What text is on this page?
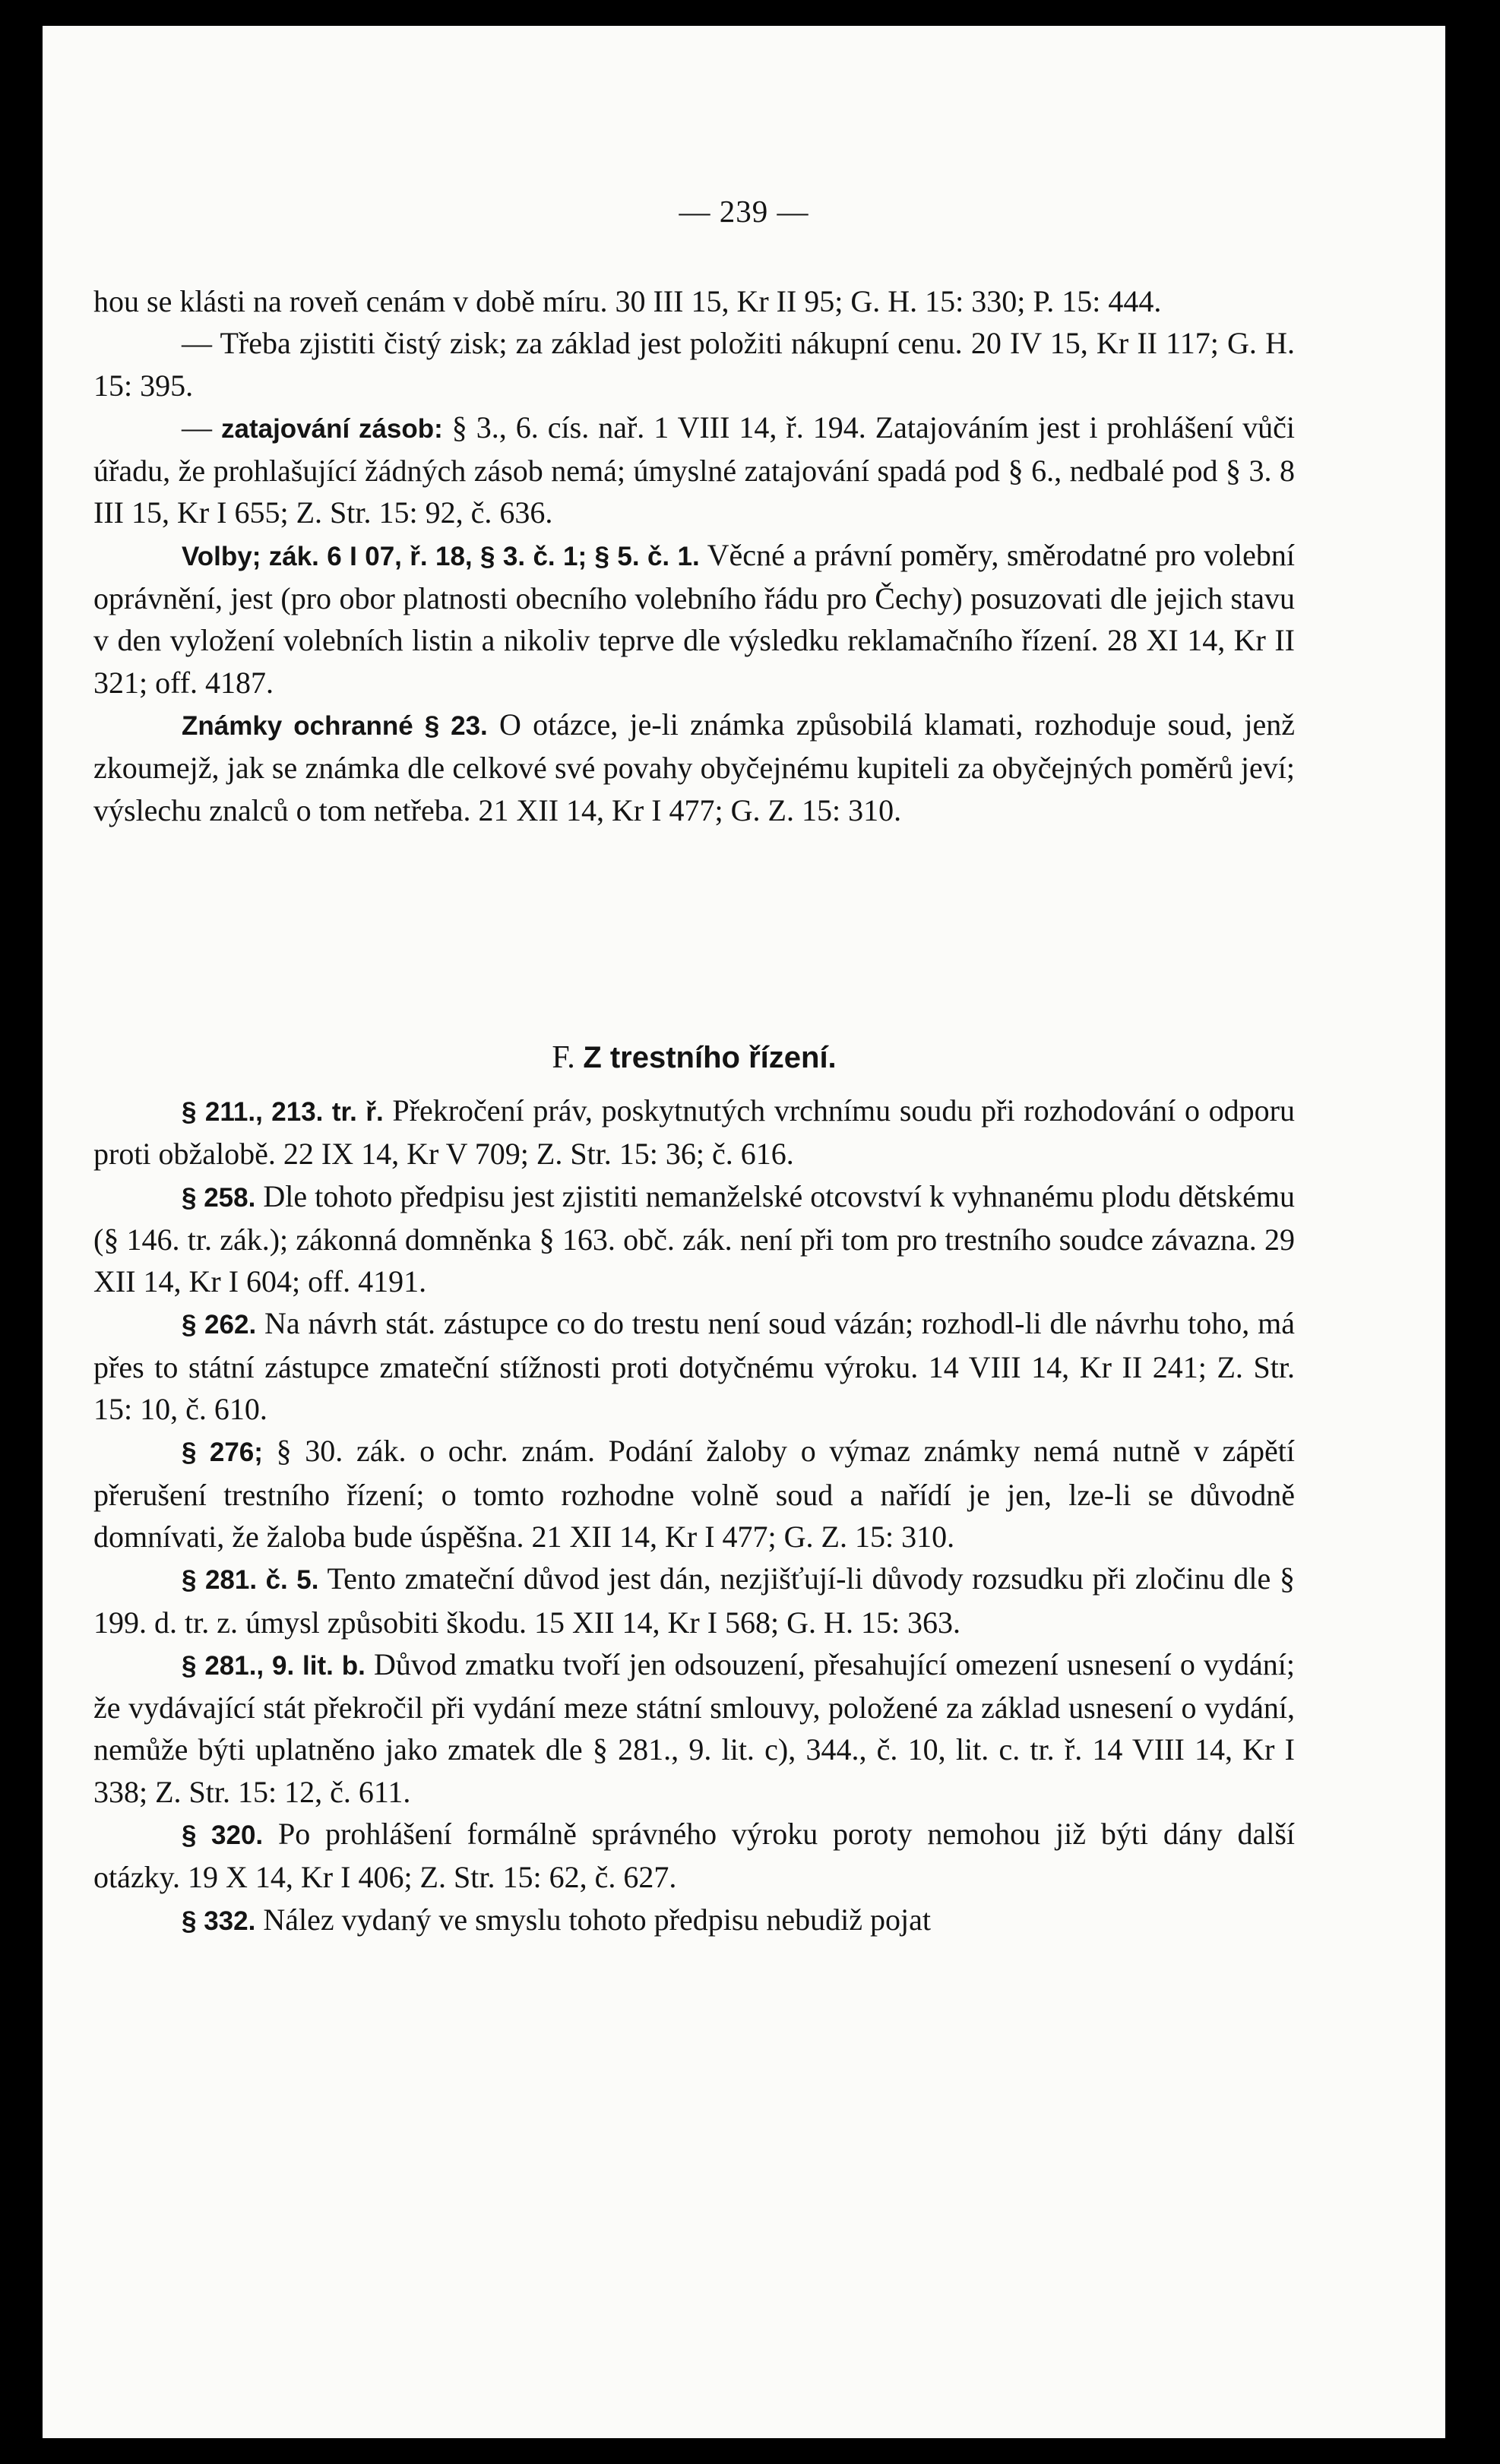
— 239 —

hou se klásti na roveň cenám v době míru. 30 III 15, Kr II 95; G. H. 15: 330; P. 15: 444.

— Třeba zjistiti čistý zisk; za základ jest položiti nákupní cenu. 20 IV 15, Kr II 117; G. H. 15: 395.

— zatajování zásob: § 3., 6. cís. nař. 1 VIII 14, ř. 194. Zatajováním jest i prohlášení vůči úřadu, že prohlašující žádných zásob nemá; úmyslné zatajování spadá pod § 6., nedbalé pod § 3. 8 III 15, Kr I 655; Z. Str. 15: 92, č. 636.

Volby; zák. 6 I 07, ř. 18, § 3. č. 1; § 5. č. 1. Věcné a právní poměry, směrodatné pro volební oprávnění, jest (pro obor platnosti obecního volebního řádu pro Čechy) posuzovati dle jejich stavu v den vyložení volebních listin a nikoliv teprve dle výsledku reklamačního řízení. 28 XI 14, Kr II 321; off. 4187.

Známky ochranné § 23. O otázce, je-li známka způsobilá klamati, rozhoduje soud, jenž zkoumejž, jak se známka dle celkové své povahy obyčejnému kupiteli za obyčejných poměrů jeví; výslechu znalců o tom netřeba. 21 XII 14, Kr I 477; G. Z. 15: 310.

F. Z trestního řízení.

§ 211., 213. tr. ř. Překročení práv, poskytnutých vrchnímu soudu při rozhodování o odporu proti obžalobě. 22 IX 14, Kr V 709; Z. Str. 15: 36; č. 616.

§ 258. Dle tohoto předpisu jest zjistiti nemanželské otcovství k vyhnanému plodu dětskému (§ 146. tr. zák.); zákonná domněnka § 163. obč. zák. není při tom pro trestního soudce závazna. 29 XII 14, Kr I 604; off. 4191.

§ 262. Na návrh stát. zástupce co do trestu není soud vázán; rozhodl-li dle návrhu toho, má přes to státní zástupce zmateční stížnosti proti dotyčnému výroku. 14 VIII 14, Kr II 241; Z. Str. 15: 10, č. 610.

§ 276; § 30. zák. o ochr. znám. Podání žaloby o výmaz známky nemá nutně v zápětí přerušení trestního řízení; o tomto rozhodne volně soud a nařídí je jen, lze-li se důvodně domnívati, že žaloba bude úspěšna. 21 XII 14, Kr I 477; G. Z. 15: 310.

§ 281. č. 5. Tento zmateční důvod jest dán, nezjišťují-li důvody rozsudku při zločinu dle § 199. d. tr. z. úmysl způsobiti škodu. 15 XII 14, Kr I 568; G. H. 15: 363.

§ 281., 9. lit. b. Důvod zmatku tvoří jen odsouzení, přesahující omezení usnesení o vydání; že vydávající stát překročil při vydání meze státní smlouvy, položené za základ usnesení o vydání, nemůže býti uplatněno jako zmatek dle § 281., 9. lit. c), 344., č. 10, lit. c. tr. ř. 14 VIII 14, Kr I 338; Z. Str. 15: 12, č. 611.

§ 320. Po prohlášení formálně správného výroku poroty nemohou již býti dány další otázky. 19 X 14, Kr I 406; Z. Str. 15: 62, č. 627.

§ 332. Nález vydaný ve smyslu tohoto předpisu nebudiž pojat
